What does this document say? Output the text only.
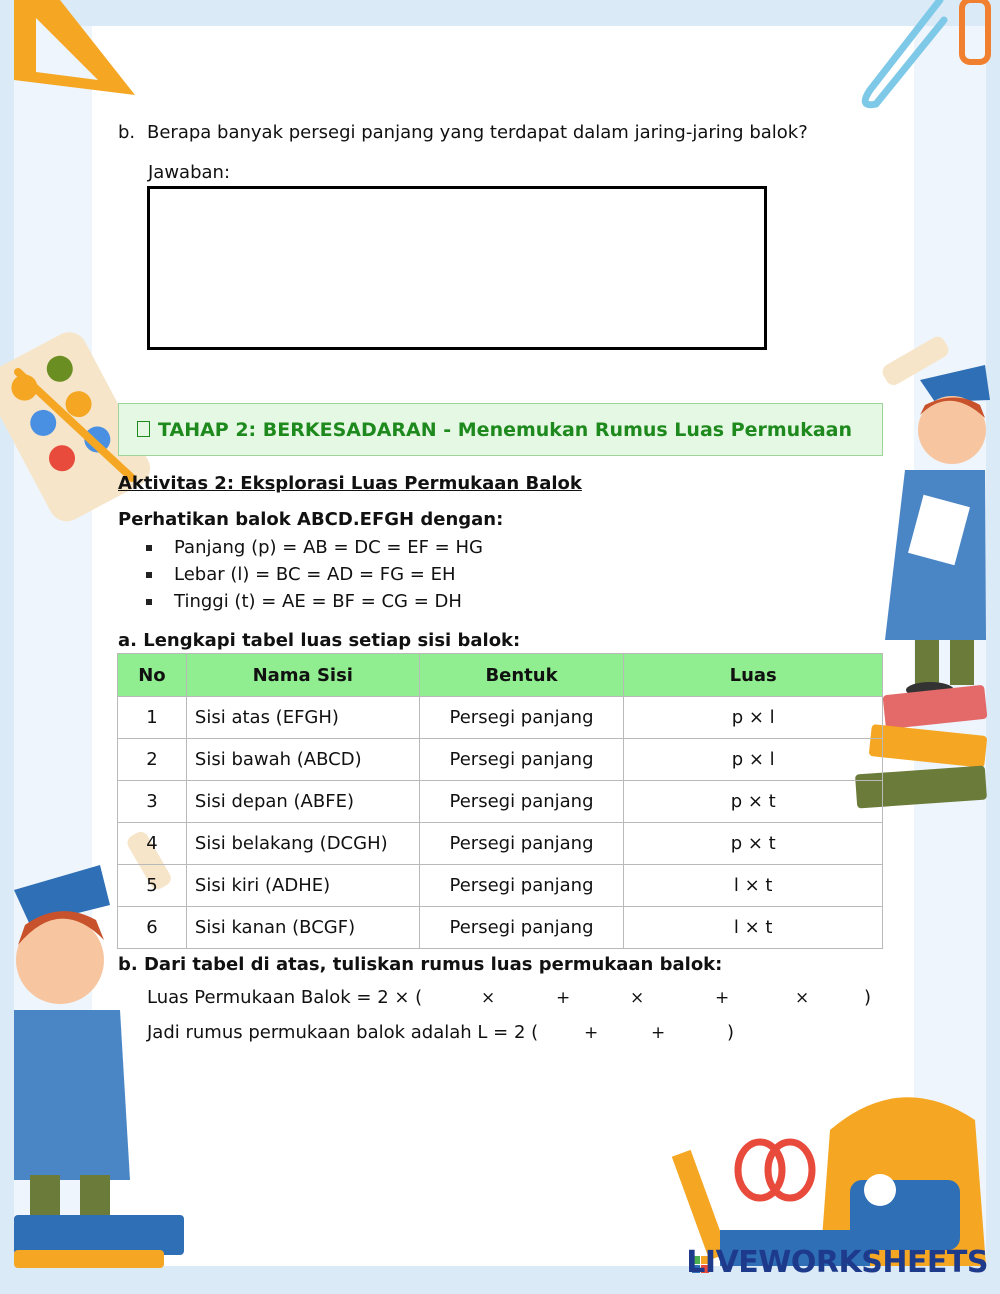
b. Berapa banyak persegi panjang yang terdapat dalam jaring-jaring balok?
Jawaban:
TAHAP 2: BERKESADARAN - Menemukan Rumus Luas Permukaan
Aktivitas 2: Eksplorasi Luas Permukaan Balok
Perhatikan balok ABCD.EFGH dengan:
Panjang (p) = AB = DC = EF = HG
Lebar (l) = BC = AD = FG = EH
Tinggi (t) = AE = BF = CG = DH
a. Lengkapi tabel luas setiap sisi balok:
No	Nama Sisi	Bentuk	Luas
1	Sisi atas (EFGH)	Persegi panjang	p × l
2	Sisi bawah (ABCD)	Persegi panjang	p × l
3	Sisi depan (ABFE)	Persegi panjang	p × t
4	Sisi belakang (DCGH)	Persegi panjang	p × t
5	Sisi kiri (ADHE)	Persegi panjang	l × t
6	Sisi kanan (BCGF)	Persegi panjang	l × t
b. Dari tabel di atas, tuliskan rumus luas permukaan balok:
Luas Permukaan Balok = 2 × (	×	+	×	+	×	)
Jadi rumus permukaan balok adalah L = 2 (	+	+	)
LIVEWORKSHEETS
